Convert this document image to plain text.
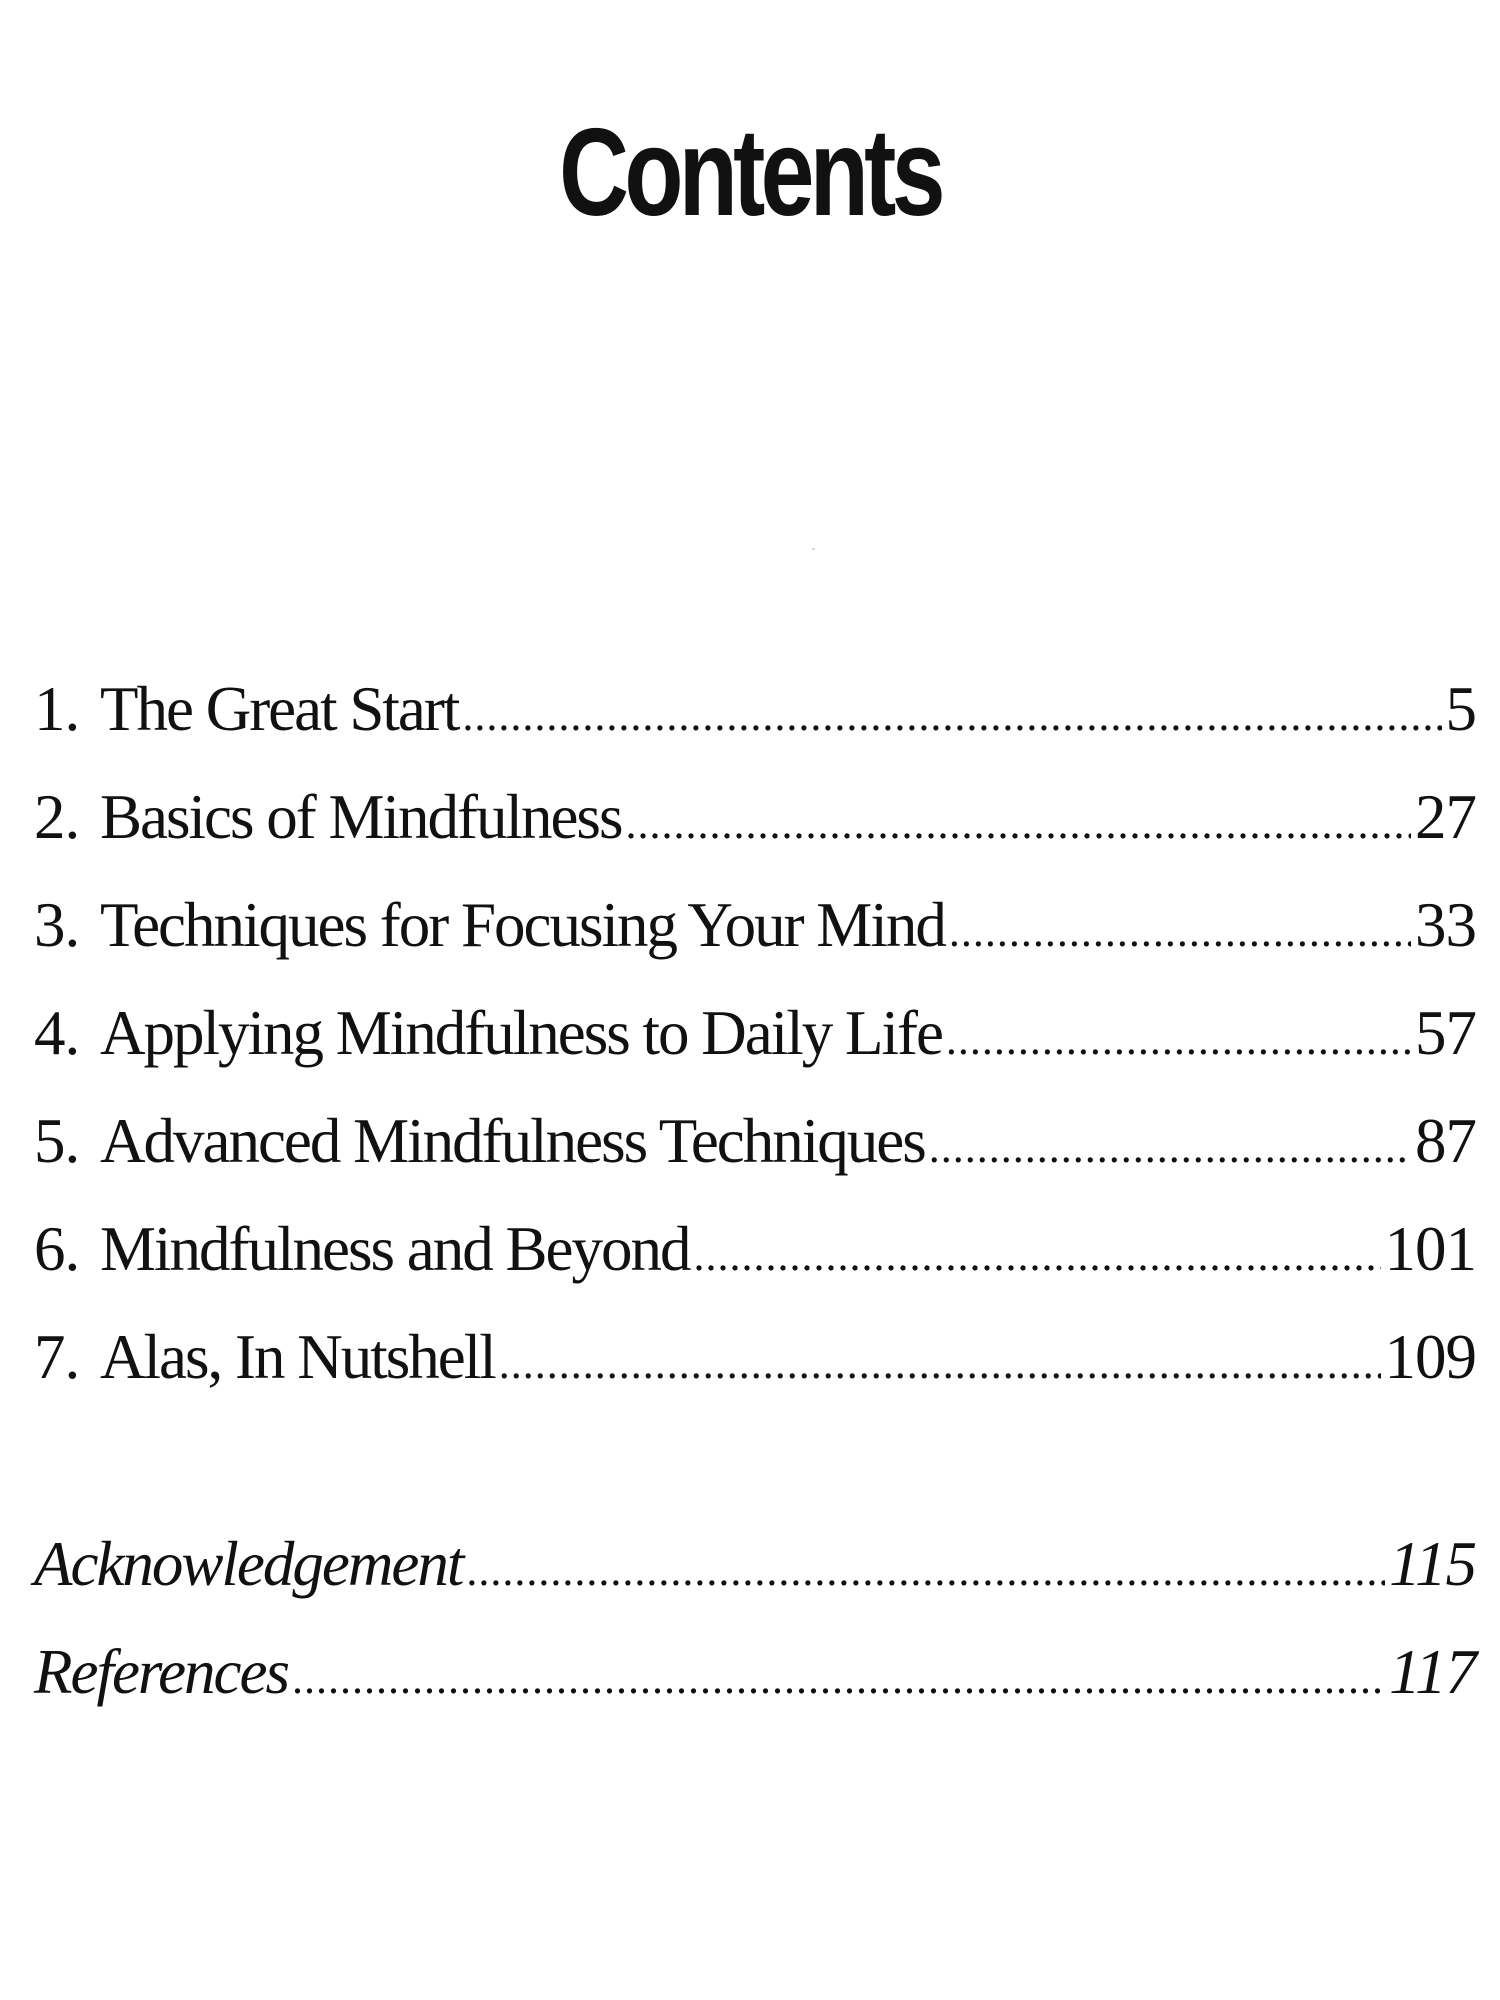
Contents
1. The Great Start . . .	5
2. Basics of Mindfulness . . .	27
3. Techniques for Focusing Your Mind . . .	33
4. Applying Mindfulness to Daily Life . . .	57
5. Advanced Mindfulness Techniques . . .	87
6. Mindfulness and Beyond . . .	101
7. Alas, In Nutshell . . .	109
Acknowledgement . . .	115
References . . .	117
